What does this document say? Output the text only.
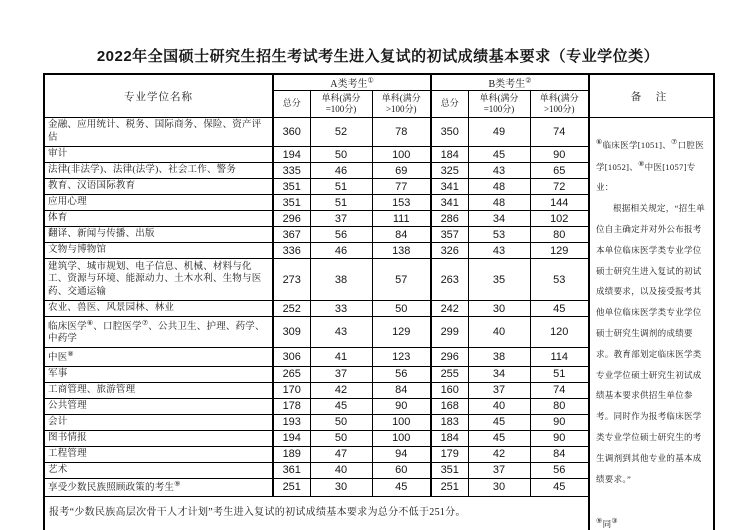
2022年全国硕士研究生招生考试考生进入复试的初试成绩基本要求（专业学位类）
专业学位名称	A类考生①			B类考生②			备 注
	总分	单科(满分=100分)	单科(满分>100分)	总分	单科(满分=100分)	单科(满分>100分)	
金融、应用统计、税务、国际商务、保险、资产评估	360	52	78	350	49	74	⑥临床医学[1051]、⑦口腔医学[1052]、⑧中医[1057]专业：

根据相关规定，“招生单位自主确定并对外公布报考本单位临床医学类专业学位硕士研究生进入复试的初试成绩要求，以及接受报考其他单位临床医学类专业学位硕士研究生调剂的成绩要求。教育部划定临床医学类专业学位硕士研究生初试成绩基本要求供招生单位参考。同时作为报考临床医学类专业学位硕士研究生的考生调剂到其他专业的基本成绩要求。”

⑨同③

审计	194	50	100	184	45	90	
法律(非法学)、法律(法学)、社会工作、警务	335	46	69	325	43	65	
教育、汉语国际教育	351	51	77	341	48	72	
应用心理	351	51	153	341	48	144	
体育	296	37	111	286	34	102	
翻译、新闻与传播、出版	367	56	84	357	53	80	
文物与博物馆	336	46	138	326	43	129	
建筑学、城市规划、电子信息、机械、材料与化工、资源与环境、能源动力、土木水利、生物与医药、交通运输	273	38	57	263	35	53	
农业、兽医、风景园林、林业	252	33	50	242	30	45	
临床医学⑥、口腔医学⑦、公共卫生、护理、药学、中药学	309	43	129	299	40	120	
中医⑧	306	41	123	296	38	114	
军事	265	37	56	255	34	51	
工商管理、旅游管理	170	42	84	160	37	74	
公共管理	178	45	90	168	40	80	
会计	193	50	100	183	45	90	
图书情报	194	50	100	184	45	90	
工程管理	189	47	94	179	42	84	
艺术	361	40	60	351	37	56	
享受少数民族照顾政策的考生⑨	251	30	45	251	30	45	
报考“少数民族高层次骨干人才计划”考生进入复试的初试成绩基本要求为总分不低于251分。							
